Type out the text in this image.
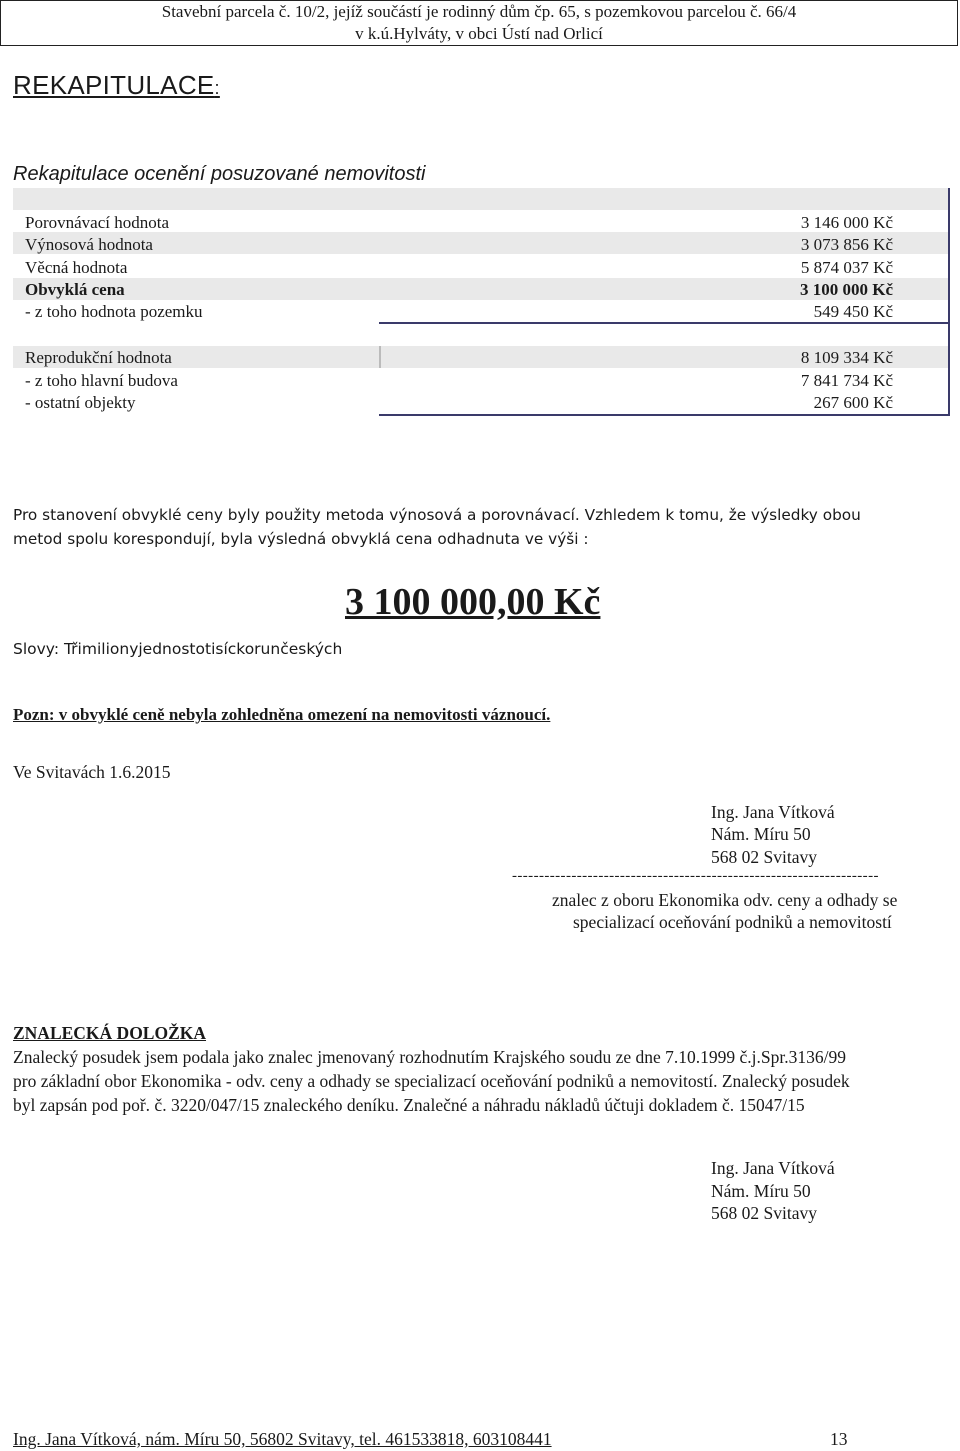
Stavební parcela č. 10/2, jejíž součástí je rodinný dům čp. 65, s pozemkovou parcelou č. 66/4
v k.ú.Hylváty, v obci Ústí nad Orlicí
REKAPITULACE:
Rekapitulace ocenění posuzované nemovitosti
Porovnávací hodnota	3 146 000 Kč
Výnosová hodnota	3 073 856 Kč
Věcná hodnota	5 874 037 Kč
Obvyklá cena	3 100 000 Kč
- z toho hodnota pozemku	549 450 Kč
Reprodukční hodnota	8 109 334 Kč
- z toho hlavní budova	7 841 734 Kč
- ostatní objekty	267 600 Kč
Pro stanovení obvyklé ceny byly použity metoda výnosová a porovnávací. Vzhledem k tomu, že výsledky obou
metod spolu korespondují, byla výsledná obvyklá cena odhadnuta ve výši :
3 100 000,00 Kč
Slovy: Třimilionyjednostotisíckorunčeských
Pozn: v obvyklé ceně nebyla zohledněna omezení na nemovitosti váznoucí.
Ve Svitavách 1.6.2015
Ing. Jana Vítková
Nám. Míru 50
568 02 Svitavy
--------------------------------------------------------------------
znalec z oboru Ekonomika odv. ceny a odhady se
specializací oceňování podniků a nemovitostí
ZNALECKÁ DOLOŽKA
Znalecký posudek jsem podala jako znalec jmenovaný rozhodnutím Krajského soudu ze dne 7.10.1999 č.j.Spr.3136/99
pro základní obor Ekonomika - odv. ceny a odhady se specializací oceňování podniků a nemovitostí. Znalecký posudek
byl zapsán pod poř. č. 3220/047/15 znaleckého deníku. Znalečné a náhradu nákladů účtuji dokladem č. 15047/15
Ing. Jana Vítková
Nám. Míru 50
568 02 Svitavy
Ing. Jana Vítková, nám. Míru 50, 56802 Svitavy, tel. 461533818, 603108441	13
